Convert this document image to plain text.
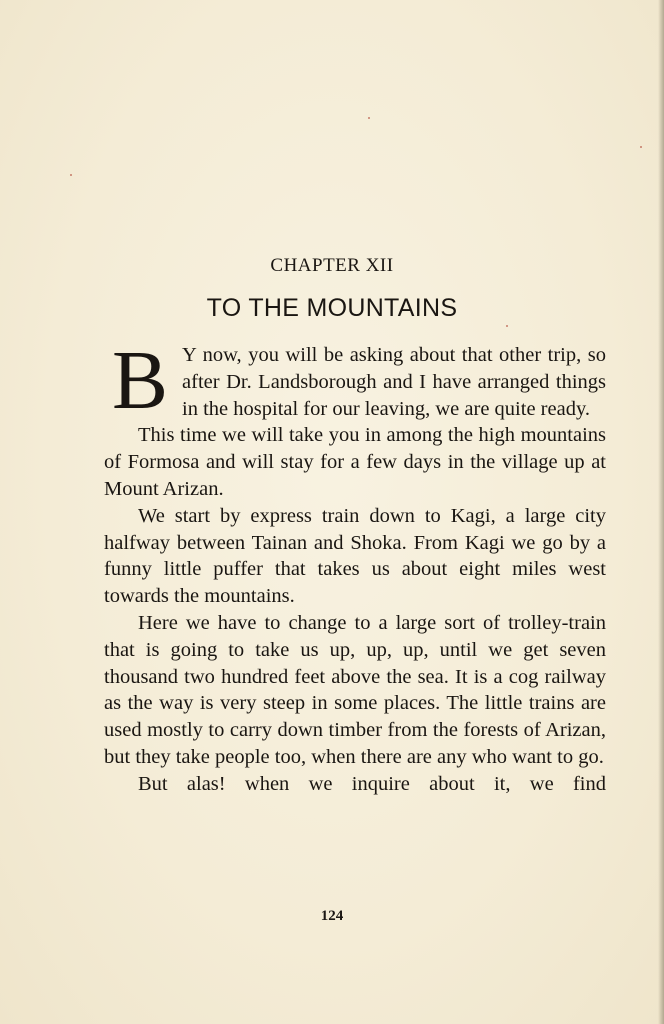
CHAPTER XII
TO THE MOUNTAINS

B Y now, you will be asking about that other trip, so after Dr. Landsborough and I have arranged things in the hospital for our leaving, we are quite ready.

This time we will take you in among the high mountains of Formosa and will stay for a few days in the village up at Mount Arizan.

We start by express train down to Kagi, a large city halfway between Tainan and Shoka. From Kagi we go by a funny little puffer that takes us about eight miles west towards the mountains.

Here we have to change to a large sort of trolley-train that is going to take us up, up, up, until we get seven thousand two hundred feet above the sea. It is a cog railway as the way is very steep in some places. The little trains are used mostly to carry down timber from the forests of Arizan, but they take people too, when there are any who want to go.

But alas! when we inquire about it, we find

124
